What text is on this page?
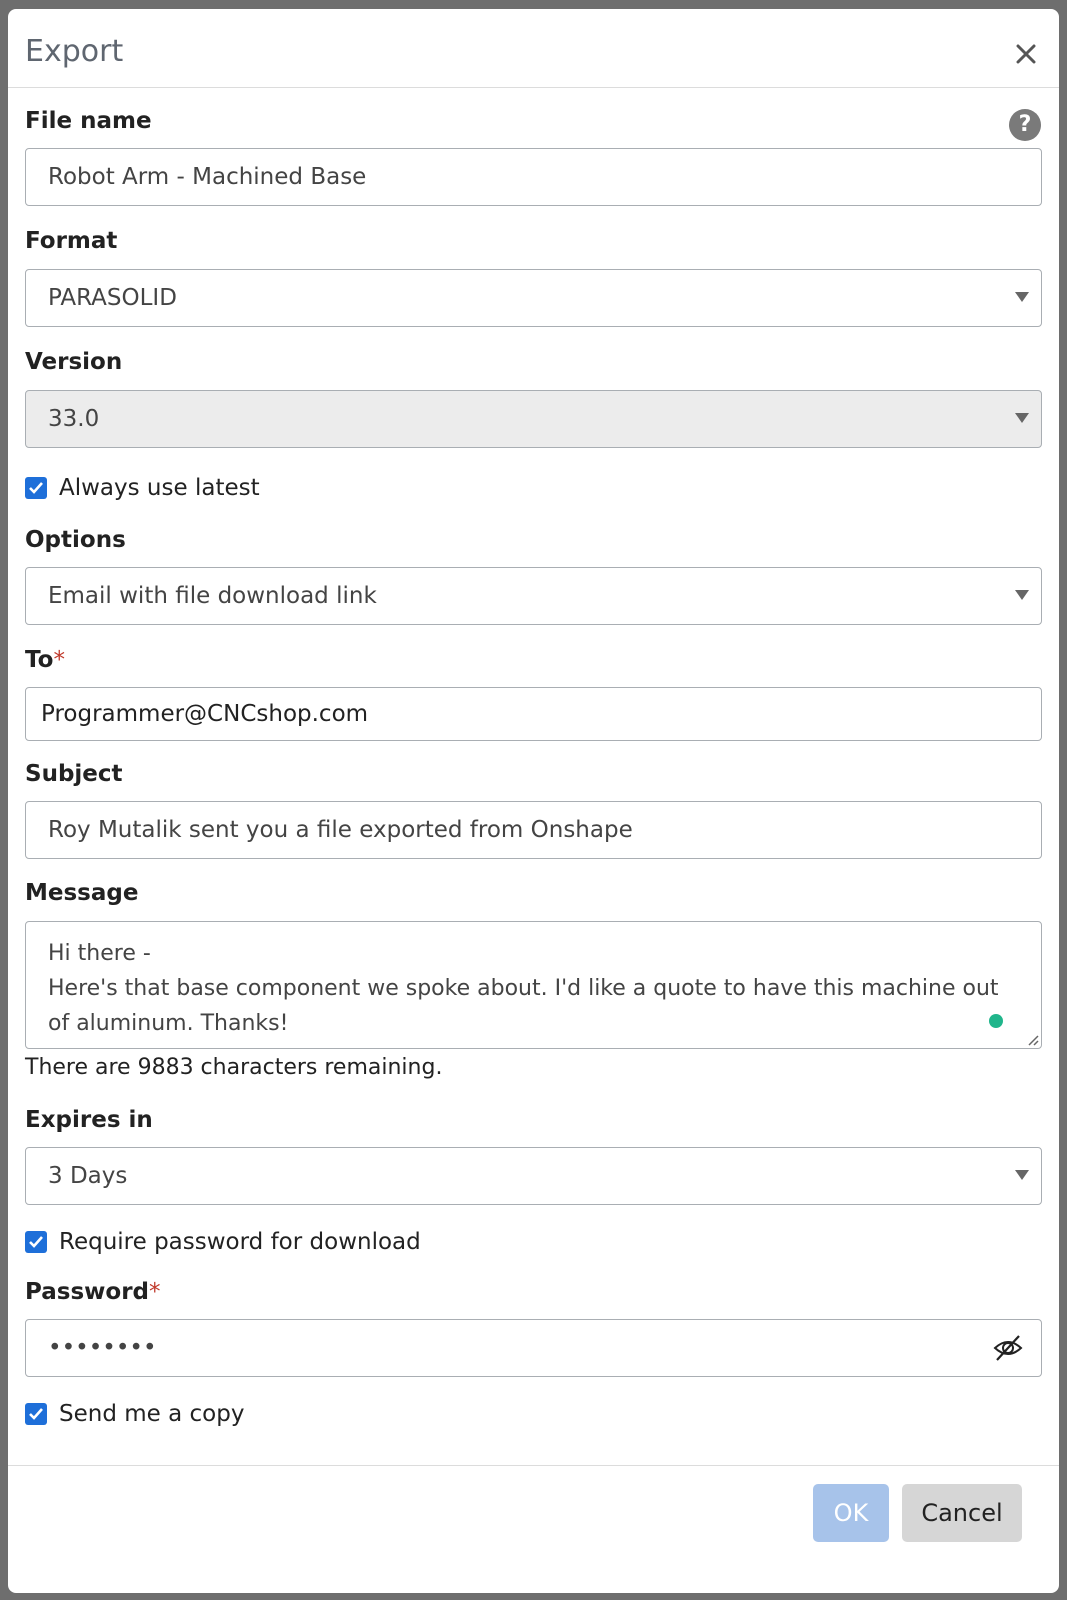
Export
?
File name
Robot Arm - Machined Base
Format
PARASOLID
Version
33.0
Always use latest
Options
Email with file download link
To*
Programmer@CNCshop.com
Subject
Roy Mutalik sent you a file exported from Onshape
Message
Hi there -
Here's that base component we spoke about. I'd like a quote to have this machine out of aluminum. Thanks!
There are 9883 characters remaining.
Expires in
3 Days
Require password for download
Password*
••••••••
Send me a copy
OK	Cancel
